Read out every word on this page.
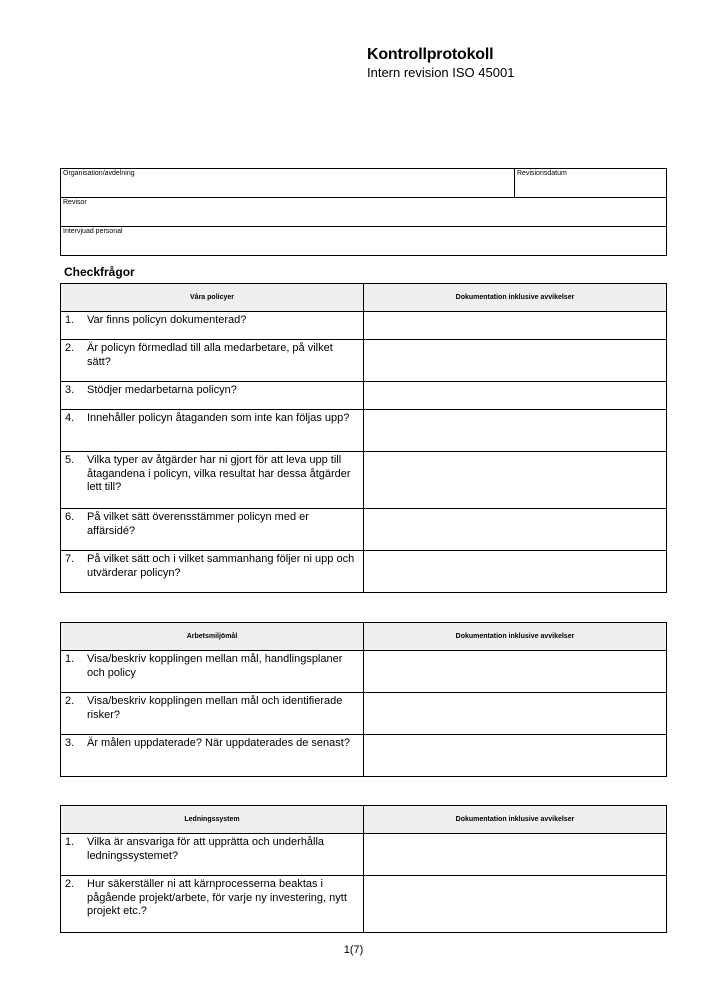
Kontrollprotokoll
Intern revision ISO 45001
Organisation/avdelning	Revisionsdatum
Revisor
Intervjuad personal
Checkfrågor
Våra policyer	Dokumentation inklusive avvikelser

1. Var finns policyn dokumenterad?	

2. Är policyn förmedlad till alla medarbetare, på vilket sätt?	

3. Stödjer medarbetarna policyn?	

4. Innehåller policyn åtaganden som inte kan följas upp?	

5. Vilka typer av åtgärder har ni gjort för att leva upp till åtagandena i policyn, vilka resultat har dessa åtgärder lett till?	

6. På vilket sätt överensstämmer policyn med er affärsidé?	

7. På vilket sätt och i vilket sammanhang följer ni upp och utvärderar policyn?	

Arbetsmiljömål	Dokumentation inklusive avvikelser

1. Visa/beskriv kopplingen mellan mål, handlingsplaner och policy	

2. Visa/beskriv kopplingen mellan mål och identifierade risker?	

3. Är målen uppdaterade? När uppdaterades de senast?	

Ledningssystem	Dokumentation inklusive avvikelser

1. Vilka är ansvariga för att upprätta och underhålla ledningssystemet?	

2. Hur säkerställer ni att kärnprocesserna beaktas i pågående projekt/arbete, för varje ny investering, nytt projekt etc.?	

1(7)
